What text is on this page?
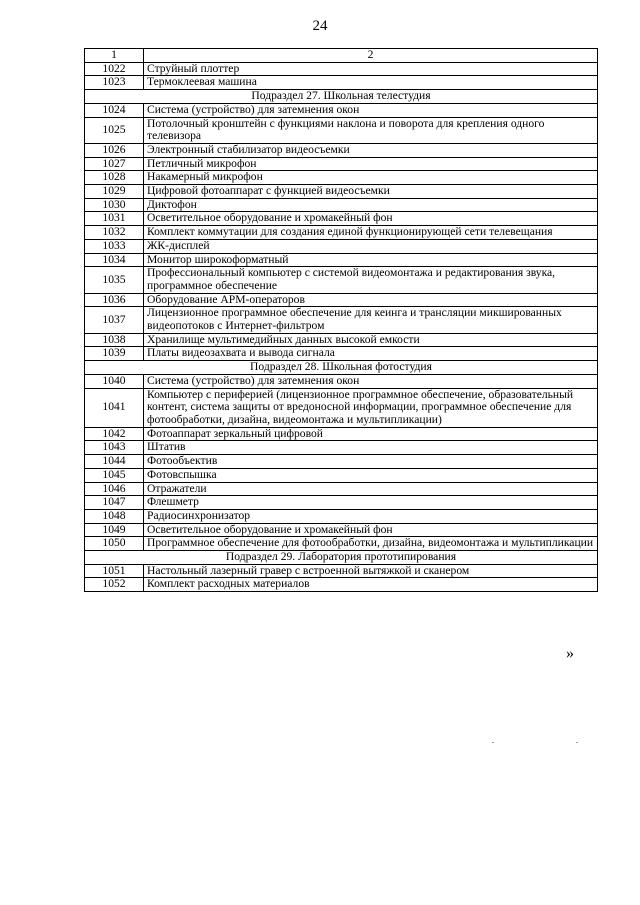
24
1	2
1022	Струйный плоттер
1023	Термоклеевая машина
Подраздел 27. Школьная телестудия	
1024	Система (устройство) для затемнения окон
1025	Потолочный кронштейн с функциями наклона и поворота для крепления одного телевизора
1026	Электронный стабилизатор видеосъемки
1027	Петличный микрофон
1028	Накамерный микрофон
1029	Цифровой фотоаппарат с функцией видеосъемки
1030	Диктофон
1031	Осветительное оборудование и хромакейный фон
1032	Комплект коммутации для создания единой функционирующей сети телевещания
1033	ЖК-дисплей
1034	Монитор широкоформатный
1035	Профессиональный компьютер с системой видеомонтажа и редактирования звука, программное обеспечение
1036	Оборудование АРМ-операторов
1037	Лицензионное программное обеспечение для кеинга и трансляции микшированных видеопотоков с Интернет-фильтром
1038	Хранилище мультимедийных данных высокой емкости
1039	Платы видеозахвата и вывода сигнала
Подраздел 28. Школьная фотостудия	
1040	Система (устройство) для затемнения окон
1041	Компьютер с периферией (лицензионное программное обеспечение, образовательный контент, система защиты от вредоносной информации, программное обеспечение для фотообработки, дизайна, видеомонтажа и мультипликации)
1042	Фотоаппарат зеркальный цифровой
1043	Штатив
1044	Фотообъектив
1045	Фотовспышка
1046	Отражатели
1047	Флешметр
1048	Радиосинхронизатор
1049	Осветительное оборудование и хромакейный фон
1050	Программное обеспечение для фотообработки, дизайна, видеомонтажа и мультипликации
Подраздел 29. Лаборатория прототипирования	
1051	Настольный лазерный гравер с встроенной вытяжкой и сканером
1052	Комплект расходных материалов
»
